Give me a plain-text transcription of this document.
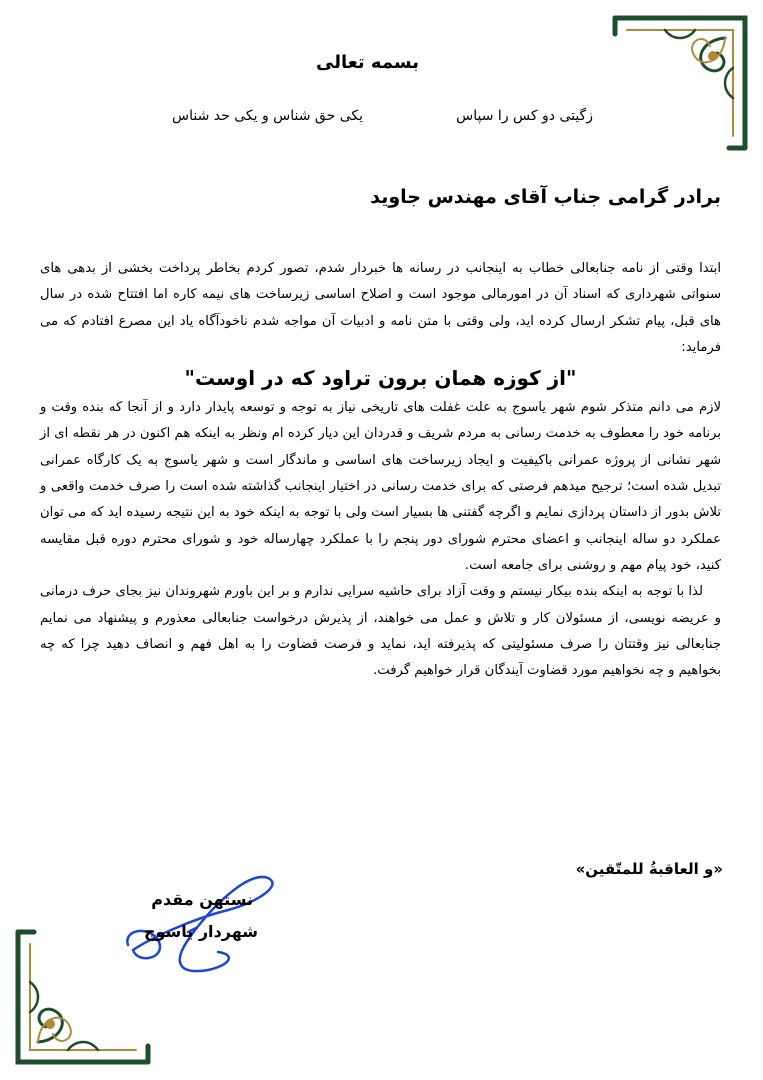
بسمه تعالی
زگیتی دو کس را سپاس
یکی حق شناس و یکی حد شناس
برادر گرامی جناب آقای مهندس جاوید

ابتدا وقتی از نامه جنابعالی خطاب به اینجانب در رسانه ها خبردار شدم، تصور کردم بخاطر پرداخت بخشی از بدهی های سنواتی شهرداری که اسناد آن در امورمالی موجود است و اصلاح اساسی زیرساخت های نیمه کاره اما افتتاح شده در سال های قبل، پیام تشکر ارسال کرده اید، ولی وقتی با متن نامه و ادبیات آن مواجه شدم ناخودآگاه یاد این مصرع افتادم که می فرماید:

"از کوزه همان برون تراود که در اوست"

لازم می دانم متذکر شوم شهر یاسوج به علت غفلت های تاریخی نیاز به توجه و توسعه پایدار دارد و از آنجا که بنده وقت و برنامه خود را معطوف به خدمت رسانی به مردم شریف و قدردان این دیار کرده ام ونظر به اینکه هم اکنون در هر نقطه ای از شهر نشانی از پروژه عمرانی باکیفیت و ایجاد زیرساخت های اساسی و ماندگار است و شهر یاسوج به یک کارگاه عمرانی تبدیل شده است؛ ترجیح میدهم فرصتی که برای خدمت رسانی در اختیار اینجانب گذاشته شده است را صرف خدمت واقعی و تلاش بدور از داستان پردازی نمایم و اگرچه گفتنی ها بسیار است ولی با توجه به اینکه خود به این نتیجه رسیده اید که می توان عملکرد دو ساله اینجانب و اعضای محترم شورای دور پنجم را با عملکرد چهارساله خود و شورای محترم دوره قبل مقایسه کنید، خود پیام مهم و روشنی برای جامعه است.

لذا با توجه به اینکه بنده بیکار نیستم و وقت آزاد برای حاشیه سرایی ندارم و بر این باورم شهروندان نیز بجای حرف درمانی و عریضه نویسی، از مسئولان کار و تلاش و عمل می خواهند، از پذیرش درخواست جنابعالی معذورم و پیشنهاد می نمایم جنابعالی نیز وقتتان را صرف مسئولیتی که پذیرفته اید، نماید و فرصت قضاوت را به اهل فهم و انصاف دهید چرا که چه بخواهیم و چه نخواهیم مورد قضاوت آیندگان قرار خواهیم گرفت.

«و العاقبةُ للمتّقین»
نستهن مقدم
شهردار یاسوج
